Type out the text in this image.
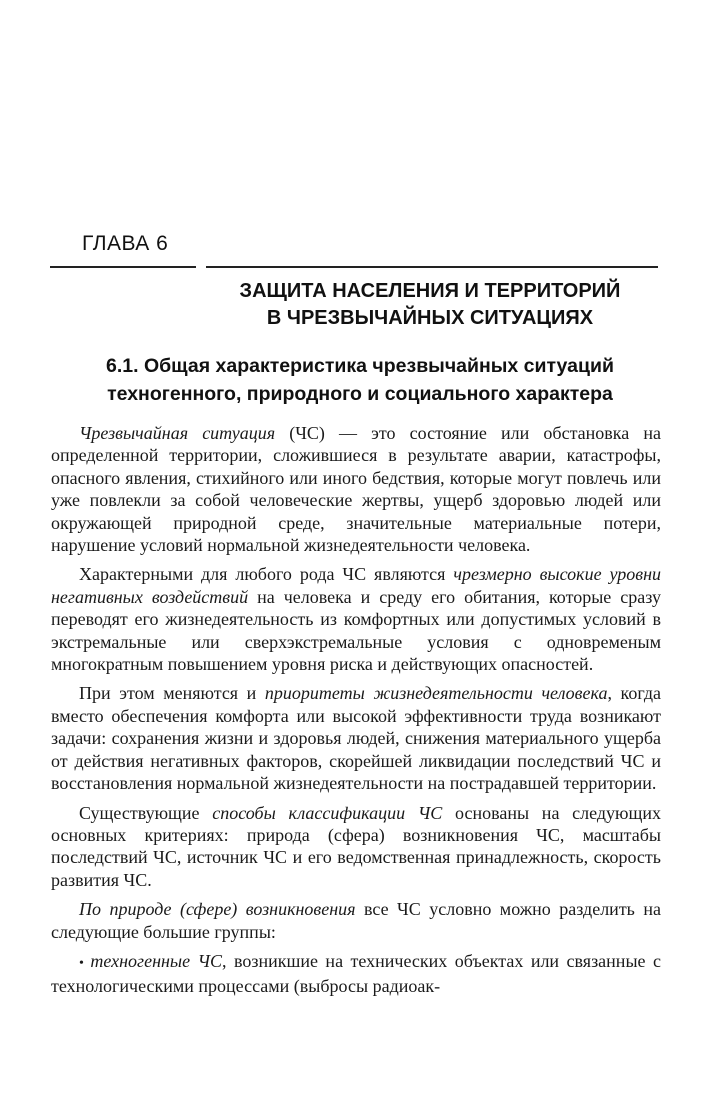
ГЛАВА 6
ЗАЩИТА НАСЕЛЕНИЯ И ТЕРРИТОРИЙ
В ЧРЕЗВЫЧАЙНЫХ СИТУАЦИЯХ
6.1. Общая характеристика чрезвычайных ситуаций
техногенного, природного и социального характера

Чрезвычайная ситуация (ЧС) — это состояние или обстановка на определенной территории, сложившиеся в результате аварии, катастрофы, опасного явления, стихийного или иного бедствия, которые могут повлечь или уже повлекли за собой человеческие жертвы, ущерб здоровью людей или окружающей природной среде, значительные материальные потери, нарушение условий нормальной жизнедеятельности человека.

Характерными для любого рода ЧС являются чрезмерно высокие уровни негативных воздействий на человека и среду его обитания, которые сразу переводят его жизнедеятельность из комфортных или допустимых условий в экстремальные или сверхэкстремальные условия с одновременым многократным повышением уровня риска и действующих опасностей.

При этом меняются и приоритеты жизнедеятельности человека, когда вместо обеспечения комфорта или высокой эффективности труда возникают задачи: сохранения жизни и здоровья людей, снижения материального ущерба от действия негативных факторов, скорейшей ликвидации последствий ЧС и восстановления нормальной жизнедеятельности на пострадавшей территории.

Существующие способы классификации ЧС основаны на следующих основных критериях: природа (сфера) возникновения ЧС, масштабы последствий ЧС, источник ЧС и его ведомственная принадлежность, скорость развития ЧС.

По природе (сфере) возникновения все ЧС условно можно разделить на следующие большие группы:

• техногенные ЧС, возникшие на технических объектах или связанные с технологическими процессами (выбросы радиоак-
